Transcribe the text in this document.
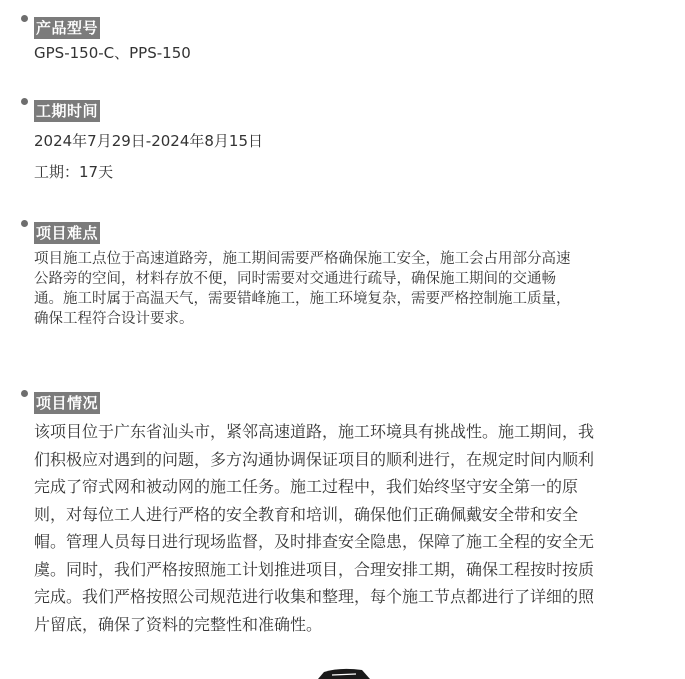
产品型号
GPS-150-C、PPS-150
工期时间
2024年7月29日-2024年8月15日
工期：17天
项目难点
项目施工点位于高速道路旁，施工期间需要严格确保施工安全，施工会占用部分高速
公路旁的空间，材料存放不便，同时需要对交通进行疏导，确保施工期间的交通畅
通。施工时属于高温天气，需要错峰施工，施工环境复杂，需要严格控制施工质量，
确保工程符合设计要求。
项目情况
该项目位于广东省汕头市，紧邻高速道路，施工环境具有挑战性。施工期间，我
们积极应对遇到的问题，多方沟通协调保证项目的顺利进行，在规定时间内顺利
完成了帘式网和被动网的施工任务。施工过程中，我们始终坚守安全第一的原
则，对每位工人进行严格的安全教育和培训，确保他们正确佩戴安全带和安全
帽。管理人员每日进行现场监督，及时排查安全隐患，保障了施工全程的安全无
虞。同时，我们严格按照施工计划推进项目，合理安排工期，确保工程按时按质
完成。我们严格按照公司规范进行收集和整理，每个施工节点都进行了详细的照
片留底，确保了资料的完整性和准确性。
